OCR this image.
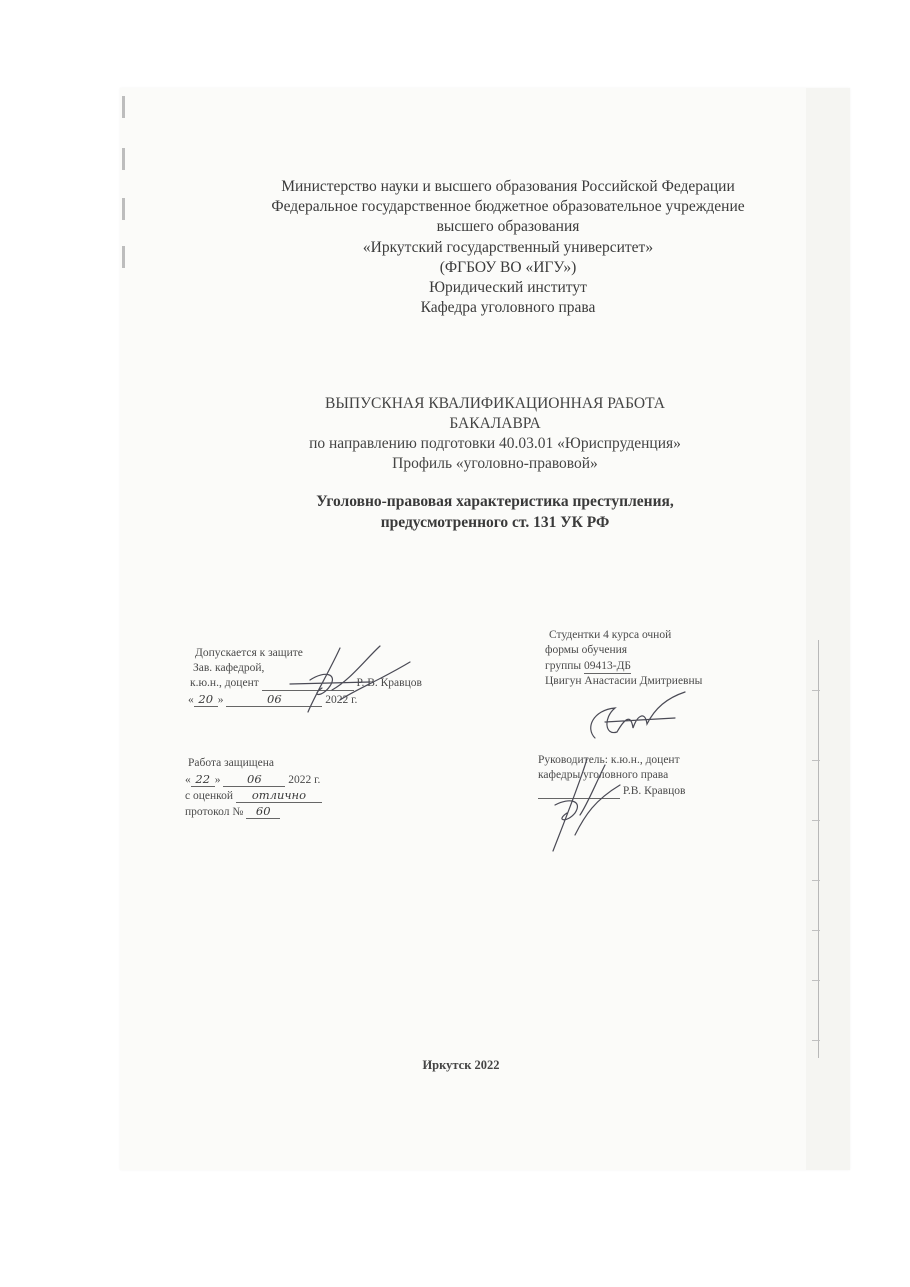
Министерство науки и высшего образования Российской Федерации
Федеральное государственное бюджетное образовательное учреждение
высшего образования
«Иркутский государственный университет»
(ФГБОУ ВО «ИГУ»)
Юридический институт
Кафедра уголовного права
ВЫПУСКНАЯ КВАЛИФИКАЦИОННАЯ РАБОТА
БАКАЛАВРА
по направлению подготовки 40.03.01 «Юриспруденция»
Профиль «уголовно-правовой»
Уголовно-правовая характеристика преступления,
предусмотренного ст. 131 УК РФ
Допускается к защите
Зав. кафедрой,
к.ю.н., доцент	Р. В. Кравцов
« 20 »	06	2022 г.
Студентки 4 курса очной
формы обучения
группы 09413-ДБ
Цвигун Анастасии Дмитриевны
Работа защищена
« 22 » 06 2022 г.
с оценкой отлично
протокол № 60
Руководитель: к.ю.н., доцент
кафедры уголовного права
Р.В. Кравцов
Иркутск 2022
